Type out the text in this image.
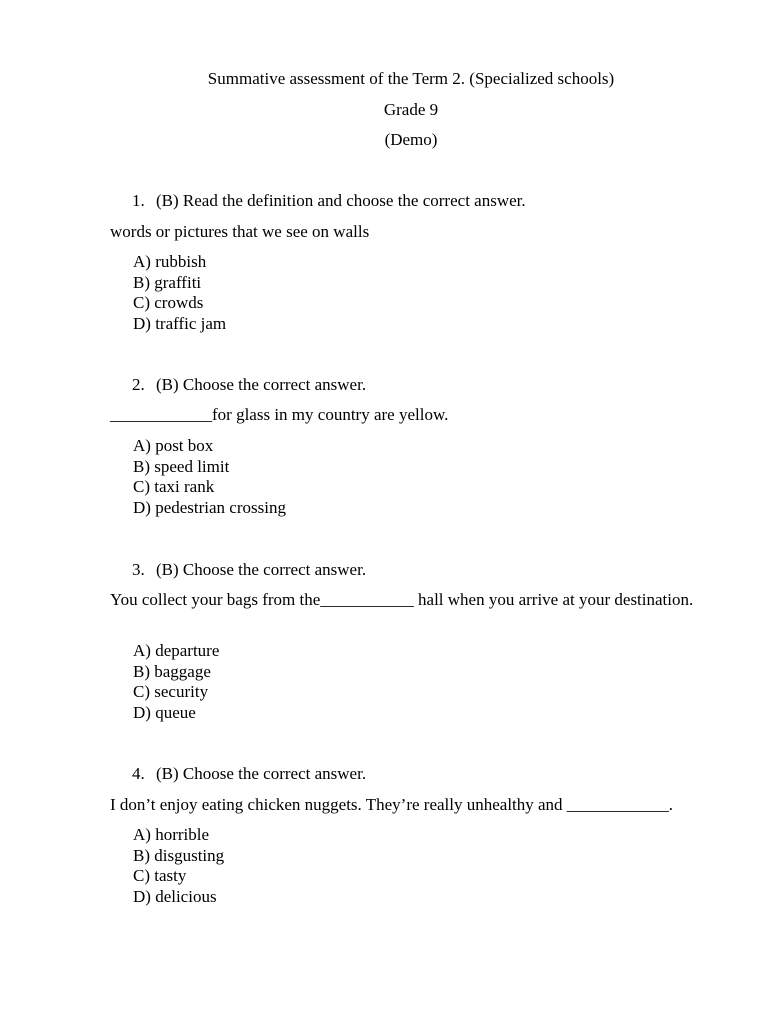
Summative assessment of the Term 2. (Specialized schools)
Grade 9
(Demo)
1. (B) Read the definition and choose the correct answer.
words or pictures that we see on walls
A) rubbish
B) graffiti
C) crowds
D) traffic jam
2. (B) Choose the correct answer.
____________for glass in my country are yellow.
A) post box
B) speed limit
C) taxi rank
D) pedestrian crossing
3. (B) Choose the correct answer.
You collect your bags from the___________ hall when you arrive at your destination.
A) departure
B) baggage
C) security
D) queue
4. (B) Choose the correct answer.
I don’t enjoy eating chicken nuggets. They’re really unhealthy and ____________.
A) horrible
B) disgusting
C) tasty
D) delicious
